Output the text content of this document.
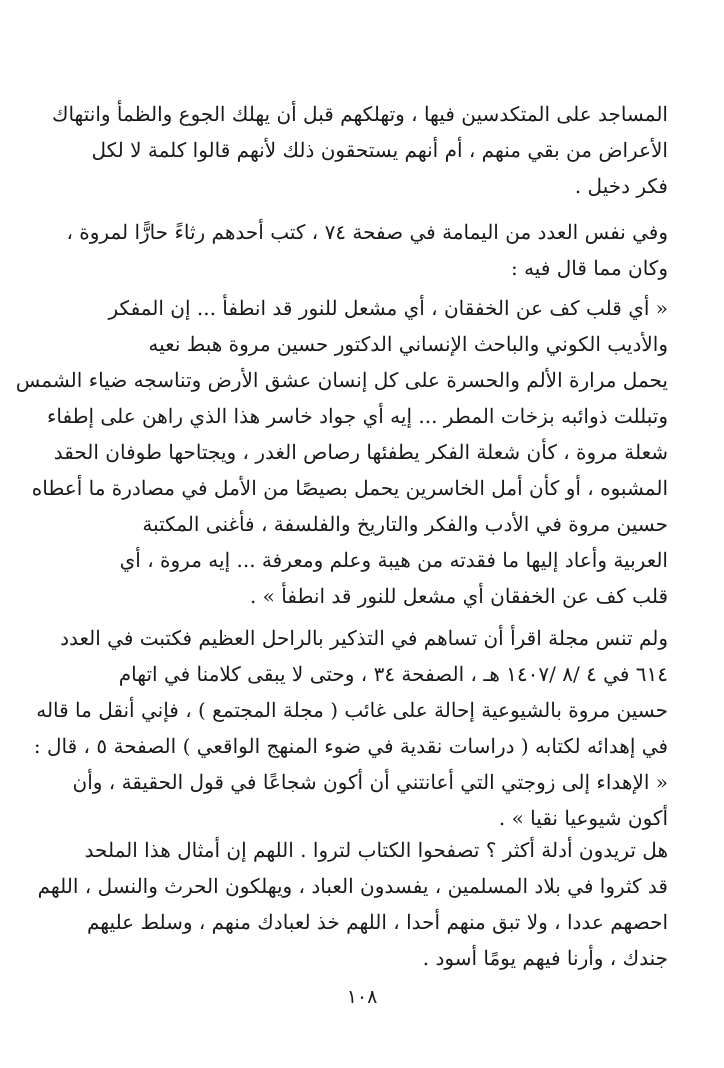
المساجد على المتكدسين فيها ، وتهلكهم قبل أن يهلك الجوع والظمأ وانتهاك
الأعراض من بقي منهم ، أم أنهم يستحقون ذلك لأنهم قالوا كلمة لا لكل
فكر دخيل .
وفي نفس العدد من اليمامة في صفحة ٧٤ ، كتب أحدهم رثاءً حارًّا لمروة ،
وكان مما قال فيه :
« أي قلب كف عن الخفقان ، أي مشعل للنور قد انطفأ ... إن المفكر
والأديب الكوني والباحث الإنساني الدكتور حسين مروة هبط نعيه
يحمل مرارة الألم والحسرة على كل إنسان عشق الأرض وتناسجه ضياء الشمس
وتبللت ذوائبه بزخات المطر ... إيه أي جواد خاسر هذا الذي راهن على إطفاء
شعلة مروة ، كأن شعلة الفكر يطفئها رصاص الغدر ، ويجتاحها طوفان الحقد
المشبوه ، أو كأن أمل الخاسرين يحمل بصيصًا من الأمل في مصادرة ما أعطاه
حسين مروة في الأدب والفكر والتاريخ والفلسفة ، فأغنى المكتبة
العربية وأعاد إليها ما فقدته من هيبة وعلم ومعرفة ... إيه مروة ، أي
قلب كف عن الخفقان أي مشعل للنور قد انطفأ » .
ولم تنس مجلة اقرأ أن تساهم في التذكير بالراحل العظيم فكتبت في العدد
٦١٤ في ٤ /٨ /١٤٠٧ هـ ، الصفحة ٣٤ ، وحتى لا يبقى كلامنا في اتهام
حسين مروة بالشيوعية إحالة على غائب ( مجلة المجتمع ) ، فإني أنقل ما قاله
في إهدائه لكتابه ( دراسات نقدية في ضوء المنهج الواقعي ) الصفحة ٥ ، قال :
« الإهداء إلى زوجتي التي أعانتني أن أكون شجاعًا في قول الحقيقة ، وأن
أكون شيوعيا نقيا » .
هل تريدون أدلة أكثر ؟ تصفحوا الكتاب لتروا . اللهم إن أمثال هذا الملحد
قد كثروا في بلاد المسلمين ، يفسدون العباد ، ويهلكون الحرث والنسل ، اللهم
احصهم عددا ، ولا تبق منهم أحدا ، اللهم خذ لعبادك منهم ، وسلط عليهم
جندك ، وأرنا فيهم يومًا أسود .
١٠٨
